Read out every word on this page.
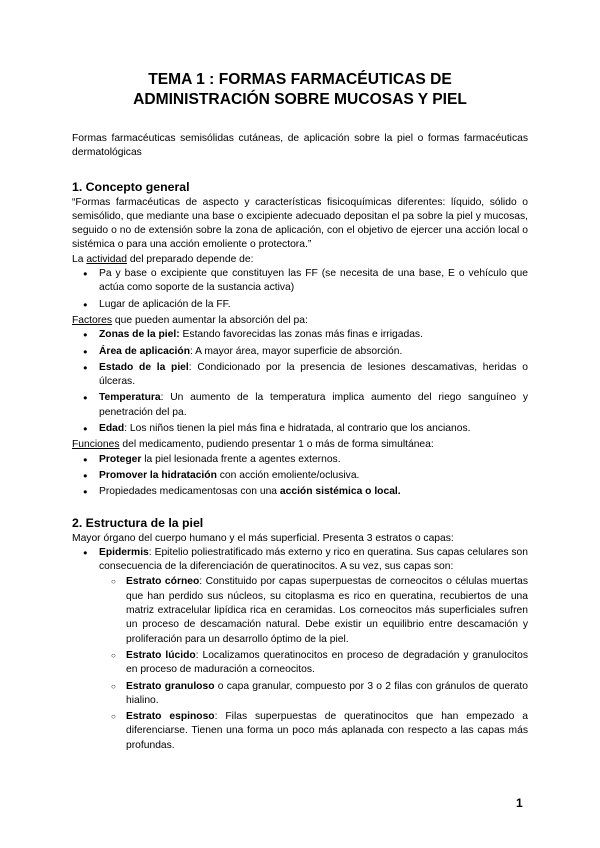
TEMA 1 : FORMAS FARMACÉUTICAS DE
ADMINISTRACIÓN SOBRE MUCOSAS Y PIEL

Formas farmacéuticas semisólidas cutáneas, de aplicación sobre la piel o formas farmacéuticas dermatológicas

1. Concepto general

“Formas farmacéuticas de aspecto y características fisicoquímicas diferentes: líquido, sólido o semisólido, que mediante una base o excipiente adecuado depositan el pa sobre la piel y mucosas, seguido o no de extensión sobre la zona de aplicación, con el objetivo de ejercer una acción local o sistémica o para una acción emoliente o protectora.”

La actividad del preparado depende de:

● Pa y base o excipiente que constituyen las FF (se necesita de una base, E o vehículo que actúa como soporte de la sustancia activa)
● Lugar de aplicación de la FF.

Factores que pueden aumentar la absorción del pa:

● Zonas de la piel: Estando favorecidas las zonas más finas e irrigadas.
● Área de aplicación: A mayor área, mayor superficie de absorción.
● Estado de la piel: Condicionado por la presencia de lesiones descamativas, heridas o úlceras.
● Temperatura: Un aumento de la temperatura implica aumento del riego sanguíneo y penetración del pa.
● Edad: Los niños tienen la piel más fina e hidratada, al contrario que los ancianos.

Funciones del medicamento, pudiendo presentar 1 o más de forma simultánea:

● Proteger la piel lesionada frente a agentes externos.
● Promover la hidratación con acción emoliente/oclusiva.
● Propiedades medicamentosas con una acción sistémica o local.
2. Estructura de la piel

Mayor órgano del cuerpo humano y el más superficial. Presenta 3 estratos o capas:

● Epidermis: Epitelio poliestratificado más externo y rico en queratina. Sus capas celulares son consecuencia de la diferenciación de queratinocitos. A su vez, sus capas son:
○ Estrato córneo: Constituido por capas superpuestas de corneocitos o células muertas que han perdido sus núcleos, su citoplasma es rico en queratina, recubiertos de una matriz extracelular lipídica rica en ceramidas. Los corneocitos más superficiales sufren un proceso de descamación natural. Debe existir un equilibrio entre descamación y proliferación para un desarrollo óptimo de la piel.
○ Estrato lúcido: Localizamos queratinocitos en proceso de degradación y granulocitos en proceso de maduración a corneocitos.
○ Estrato granuloso o capa granular, compuesto por 3 o 2 filas con gránulos de querato hialino.
○ Estrato espinoso: Filas superpuestas de queratinocitos que han empezado a diferenciarse. Tienen una forma un poco más aplanada con respecto a las capas más profundas.
1
